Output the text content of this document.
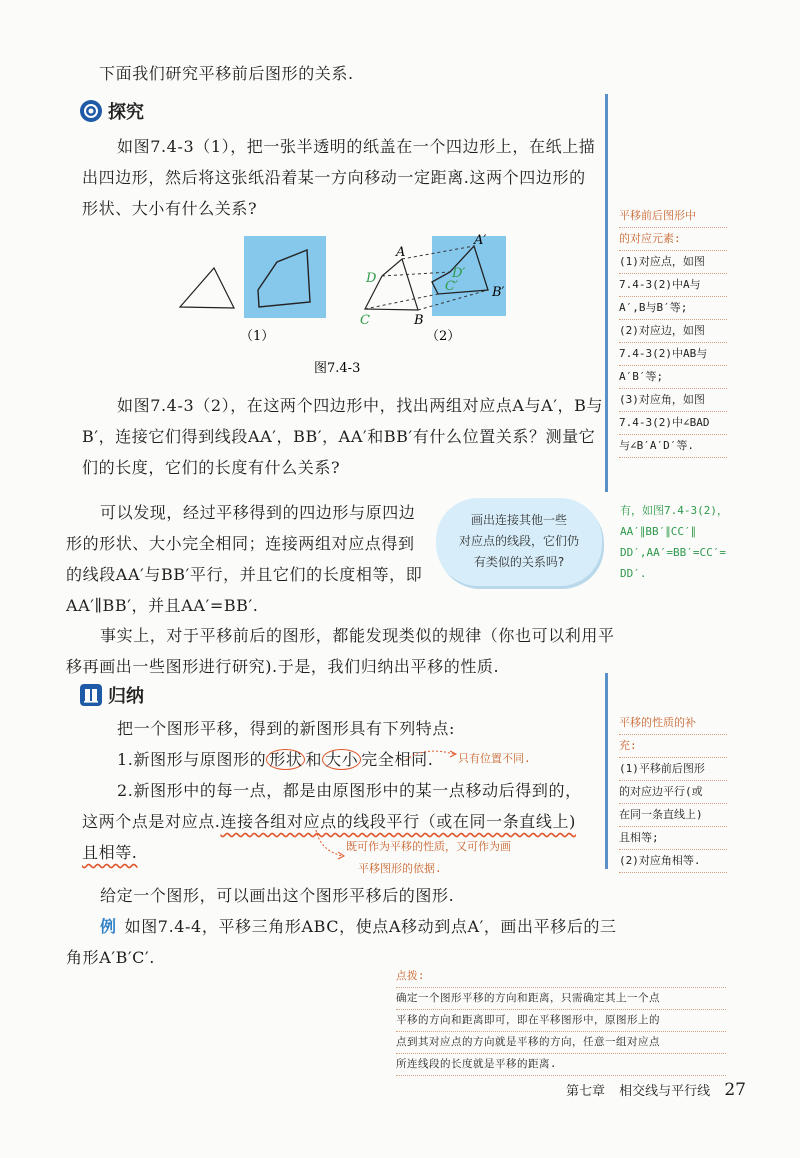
下面我们研究平移前后图形的关系.
探究
如图7.4-3（1），把一张半透明的纸盖在一个四边形上，在纸上描
出四边形，然后将这张纸沿着某一方向移动一定距离.这两个四边形的
形状、大小有什么关系?
A
B
C
D
A′
B′
C′
D′
（1）	（2）
图7.4-3
如图7.4-3（2），在这两个四边形中，找出两组对应点A与A′，B与
B′，连接它们得到线段AA′，BB′，AA′和BB′有什么位置关系？测量它
们的长度，它们的长度有什么关系?
平移前后图形中
的对应元素:
(1)对应点，如图
7.4-3(2)中A与
A′,B与B′等;
(2)对应边，如图
7.4-3(2)中AB与
A′B′等;
(3)对应角，如图
7.4-3(2)中∠BAD
与∠B′A′D′等.
可以发现，经过平移得到的四边形与原四边
形的形状、大小完全相同；连接两组对应点得到
的线段AA′与BB′平行，并且它们的长度相等，即
AA′∥BB′，并且AA′=BB′.
画出连接其他一些
对应点的线段，它们仍
有类似的关系吗?
有，如图7.4-3(2)，
AA′∥BB′∥CC′∥
DD′,AA′=BB′=CC′=
DD′.
事实上，对于平移前后的图形，都能发现类似的规律（你也可以利用平
移再画出一些图形进行研究).于是，我们归纳出平移的性质.
归纳
把一个图形平移，得到的新图形具有下列特点:
1.新图形与原图形的 形状 和 大小 完全相同. 只有位置不同.
2.新图形中的每一点，都是由原图形中的某一点移动后得到的，
这两个点是对应点.连接各组对应点的线段平行（或在同一条直线上)
且相等.	既可作为平移的性质，又可作为画
平移图形的依据.
平移的性质的补
充:
(1)平移前后图形
的对应边平行(或
在同一条直线上)
且相等;
(2)对应角相等.
给定一个图形，可以画出这个图形平移后的图形.
例 如图7.4-4，平移三角形ABC，使点A移动到点A′，画出平移后的三
角形A′B′C′.
点拨:
确定一个图形平移的方向和距离，只需确定其上一个点
平移的方向和距离即可，即在平移图形中，原图形上的
点到其对应点的方向就是平移的方向，任意一组对应点
所连线段的长度就是平移的距离.
第七章 相交线与平行线 27
